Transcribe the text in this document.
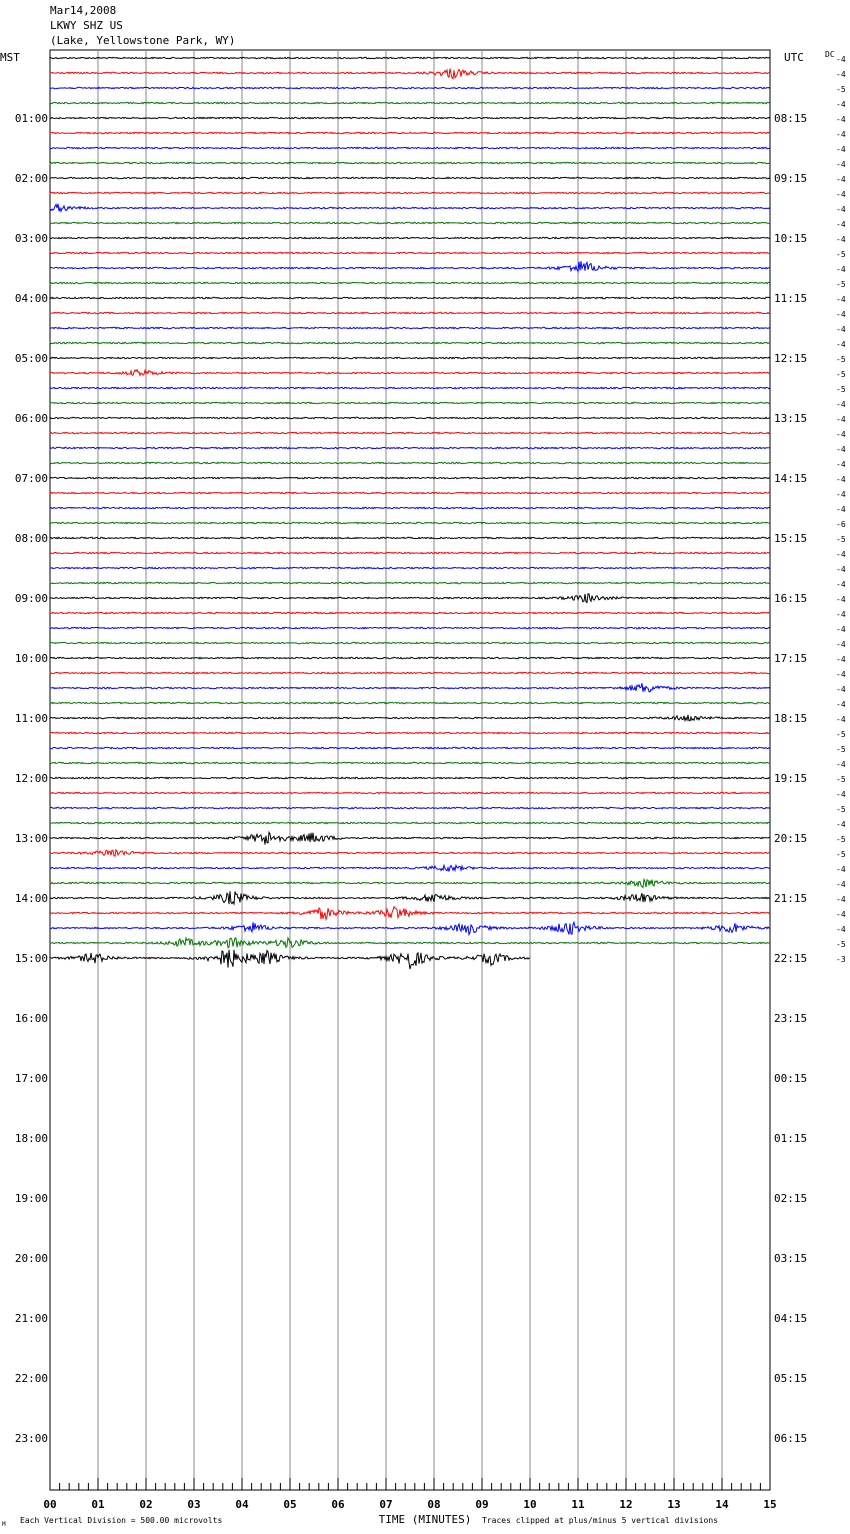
Mar14,2008
LKWY SHZ US
(Lake, Yellowstone Park, WY)
-4
-4
-5
-4
-4
-4
-4
-4
-4
-4
-4
-4
-4
-5
-4
-5
-4
-4
-4
-4
-5
-5
-5
-4
-4
-4
-4
-4
-4
-4
-4
-6
-5
-4
-4
-4
-4
-4
-4
-4
-4
-4
-4
-4
-4
-5
-5
-4
-5
-4
-5
-4
-5
-5
-4
-4
-4
-4
-4
-5
-3
MST	UTC	DC
01:00
02:00
03:00
04:00
05:00
06:00
07:00
08:00
09:00
10:00
11:00
12:00
13:00
14:00
15:00
16:00
17:00
18:00
19:00
20:00
21:00
22:00
23:00
08:15
09:15
10:15
11:15
12:15
13:15
14:15
15:15
16:15
17:15
18:15
19:15
20:15
21:15
22:15
23:15
00:15
01:15
02:15
03:15
04:15
05:15
06:15
00	01	02	03	04	05	06	07	08	09	10	11	12	13	14	15
TIME (MINUTES)
Each Vertical Division = 500.00 microvolts	Traces clipped at plus/minus 5 vertical divisions
M
